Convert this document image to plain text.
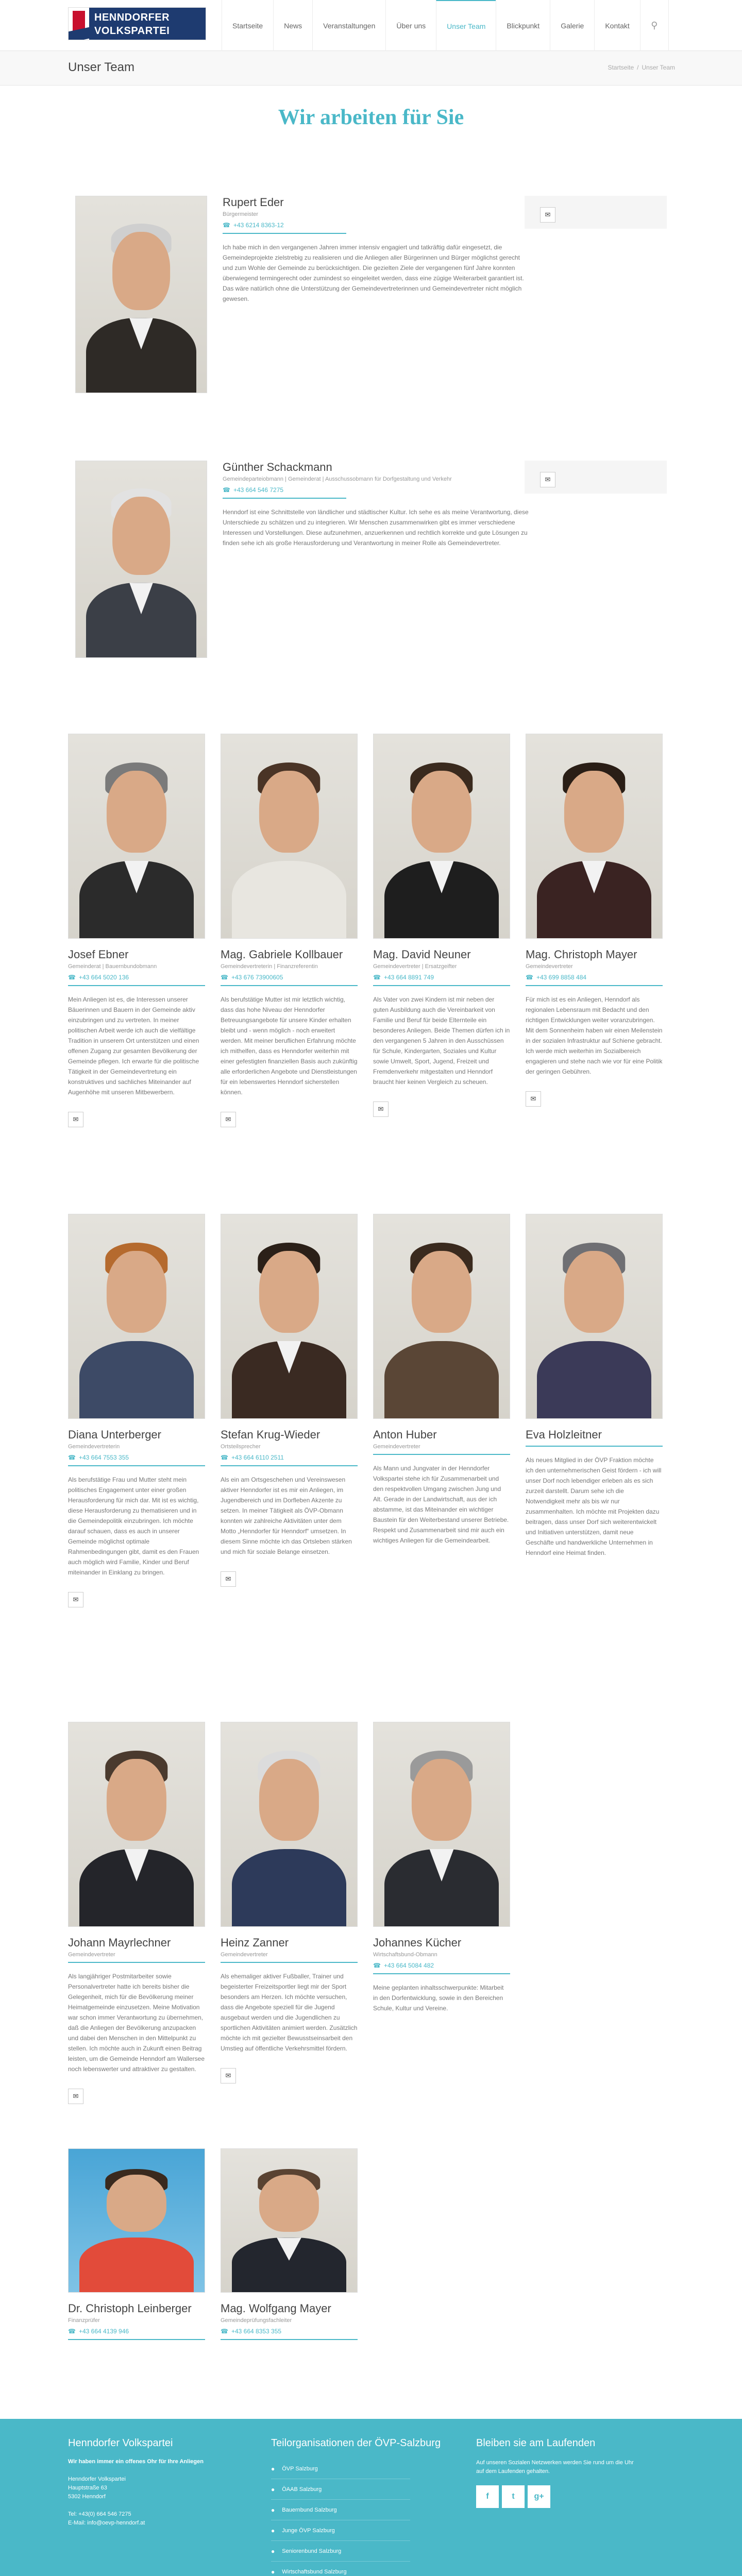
HENNDORFER
VOLKSPARTEI	Startseite	News	Veranstaltungen	Über uns	Unser Team	Blickpunkt	Galerie	Kontakt	⚲
Unser Team	Startseite / Unser Team
Wir arbeiten für Sie
Rupert Eder
Bürgermeister
☎ +43 6214 8363-12

Ich habe mich in den vergangenen Jahren immer intensiv engagiert und tatkräftig dafür eingesetzt, die Gemeindeprojekte zielstrebig zu realisieren und die Anliegen aller Bürgerinnen und Bürger möglichst gerecht und zum Wohle der Gemeinde zu berücksichtigen. Die gezielten Ziele der vergangenen fünf Jahre konnten überwiegend termingerecht oder zumindest so eingeleitet werden, dass eine zügige Weiterarbeit garantiert ist. Das wäre natürlich ohne die Unterstützung der Gemeindevertreterinnen und Gemeindevertreter nicht möglich gewesen.

✉
Günther Schackmann
Gemeindeparteiobmann | Gemeinderat | Ausschussobmann für Dorfgestaltung und Verkehr
☎ +43 664 546 7275

Henndorf ist eine Schnittstelle von ländlicher und städtischer Kultur. Ich sehe es als meine Verantwortung, diese Unterschiede zu schätzen und zu integrieren. Wir Menschen zusammenwirken gibt es immer verschiedene Interessen und Vorstellungen. Diese aufzunehmen, anzuerkennen und rechtlich korrekte und gute Lösungen zu finden sehe ich als große Herausforderung und Verantwortung in meiner Rolle als Gemeindevertreter.

✉
Josef Ebner
Gemeinderat | Bauernbundobmann
☎ +43 664 5020 136

Mein Anliegen ist es, die Interessen unserer Bäuerinnen und Bauern in der Gemeinde aktiv einzubringen und zu vertreten. In meiner politischen Arbeit werde ich auch die vielfältige Tradition in unserem Ort unterstützen und einen offenen Zugang zur gesamten Bevölkerung der Gemeinde pflegen. Ich erwarte für die politische Tätigkeit in der Gemeindevertretung ein konstruktives und sachliches Miteinander auf Augenhöhe mit unseren Mitbewerbern.

✉
Mag. Gabriele Kollbauer
Gemeindevertreterin | Finanzreferentin
☎ +43 676 73900605

Als berufstätige Mutter ist mir letztlich wichtig, dass das hohe Niveau der Henndorfer Betreuungsangebote für unsere Kinder erhalten bleibt und - wenn möglich - noch erweitert werden. Mit meiner beruflichen Erfahrung möchte ich mithelfen, dass es Henndorfer weiterhin mit einer gefestigten finanziellen Basis auch zukünftig alle erforderlichen Angebote und Dienstleistungen für ein lebenswertes Henndorf sicherstellen können.

✉
Mag. David Neuner
Gemeindevertreter | Ersatzgeifter
☎ +43 664 8891 749

Als Vater von zwei Kindern ist mir neben der guten Ausbildung auch die Vereinbarkeit von Familie und Beruf für beide Elternteile ein besonderes Anliegen. Beide Themen dürfen ich in den vergangenen 5 Jahren in den Ausschüssen für Schule, Kindergarten, Soziales und Kultur sowie Umwelt, Sport, Jugend, Freizeit und Fremdenverkehr mitgestalten und Henndorf braucht hier keinen Vergleich zu scheuen.

✉
Mag. Christoph Mayer
Gemeindevertreter
☎ +43 699 8858 484

Für mich ist es ein Anliegen, Henndorf als regionalen Lebensraum mit Bedacht und den richtigen Entwicklungen weiter voranzubringen. Mit dem Sonnenheim haben wir einen Meilenstein in der sozialen Infrastruktur auf Schiene gebracht. Ich werde mich weiterhin im Sozialbereich engagieren und stehe nach wie vor für eine Politik der geringen Gebühren.

✉
Diana Unterberger
Gemeindevertreterin
☎ +43 664 7553 355

Als berufstätige Frau und Mutter steht mein politisches Engagement unter einer großen Herausforderung für mich dar. Mit ist es wichtig, diese Herausforderung zu thematisieren und in die Gemeindepolitik einzubringen. Ich möchte darauf schauen, dass es auch in unserer Gemeinde möglichst optimale Rahmenbedingungen gibt, damit es den Frauen auch möglich wird Familie, Kinder und Beruf miteinander in Einklang zu bringen.

✉
Stefan Krug-Wieder
Ortsteilsprecher
☎ +43 664 6110 2511

Als ein am Ortsgeschehen und Vereinswesen aktiver Henndorfer ist es mir ein Anliegen, im Jugendbereich und im Dorfleben Akzente zu setzen. In meiner Tätigkeit als ÖVP-Obmann konnten wir zahlreiche Aktivitäten unter dem Motto „Henndorfer für Henndorf“ umsetzen. In diesem Sinne möchte ich das Ortsleben stärken und mich für soziale Belange einsetzen.

✉
Anton Huber
Gemeindevertreter

Als Mann und Jungvater in der Henndorfer Volkspartei stehe ich für Zusammenarbeit und den respektvollen Umgang zwischen Jung und Alt. Gerade in der Landwirtschaft, aus der ich abstamme, ist das Miteinander ein wichtiger Baustein für den Weiterbestand unserer Betriebe. Respekt und Zusammenarbeit sind mir auch ein wichtiges Anliegen für die Gemeindearbeit.

Eva Holzleitner

Als neues Mitglied in der ÖVP Fraktion möchte ich den unternehmerischen Geist fördern - ich will unser Dorf noch lebendiger erleben als es sich zurzeit darstellt. Darum sehe ich die Notwendigkeit mehr als bis wir nur zusammenhalten. Ich möchte mit Projekten dazu beitragen, dass unser Dorf sich weiterentwickelt und Initiativen unterstützen, damit neue Geschäfte und handwerkliche Unternehmen in Henndorf eine Heimat finden.

Johann Mayrlechner
Gemeindevertreter

Als langjähriger Postmitarbeiter sowie Personalvertreter hatte ich bereits bisher die Gelegenheit, mich für die Bevölkerung meiner Heimatgemeinde einzusetzen. Meine Motivation war schon immer Verantwortung zu übernehmen, daß die Anliegen der Bevölkerung anzupacken und dabei den Menschen in den Mittelpunkt zu stellen. Ich möchte auch in Zukunft einen Beitrag leisten, um die Gemeinde Henndorf am Wallersee noch lebenswerter und attraktiver zu gestalten.

✉
Heinz Zanner
Gemeindevertreter

Als ehemaliger aktiver Fußballer, Trainer und begeisterter Freizeitsportler liegt mir der Sport besonders am Herzen. Ich möchte versuchen, dass die Angebote speziell für die Jugend ausgebaut werden und die Jugendlichen zu sportlichen Aktivitäten animiert werden. Zusätzlich möchte ich mit gezielter Bewusstseinsarbeit den Umstieg auf öffentliche Verkehrsmittel fördern.

✉
Johannes Kücher
Wirtschaftsbund-Obmann
☎ +43 664 5084 482

Meine geplanten inhaltsschwerpunkte: Mitarbeit in den Dorfentwicklung, sowie in den Bereichen Schule, Kultur und Vereine.

Dr. Christoph Leinberger
Finanzprüfer
☎ +43 664 4139 946
Mag. Wolfgang Mayer
Gemeindeprüfungsfachleiter
☎ +43 664 8353 355
Henndorfer Volkspartei
Wir haben immer ein offenes Ohr für Ihre Anliegen
Henndorfer Volkspartei
Hauptstraße 63
5302 Henndorf

Tel: +43(0) 664 546 7275
E-Mail: info@oevp-henndorf.at
Teilorganisationen der ÖVP-Salzburg
● ÖVP Salzburg
● ÖAAB Salzburg
● Bauernbund Salzburg
● Junge ÖVP Salzburg
● Seniorenbund Salzburg
● Wirtschaftsbund Salzburg
Bleiben sie am Laufenden
Auf unseren Sozialen Netzwerken werden Sie rund um die Uhr auf dem Laufenden gehalten.
f	t	g+
